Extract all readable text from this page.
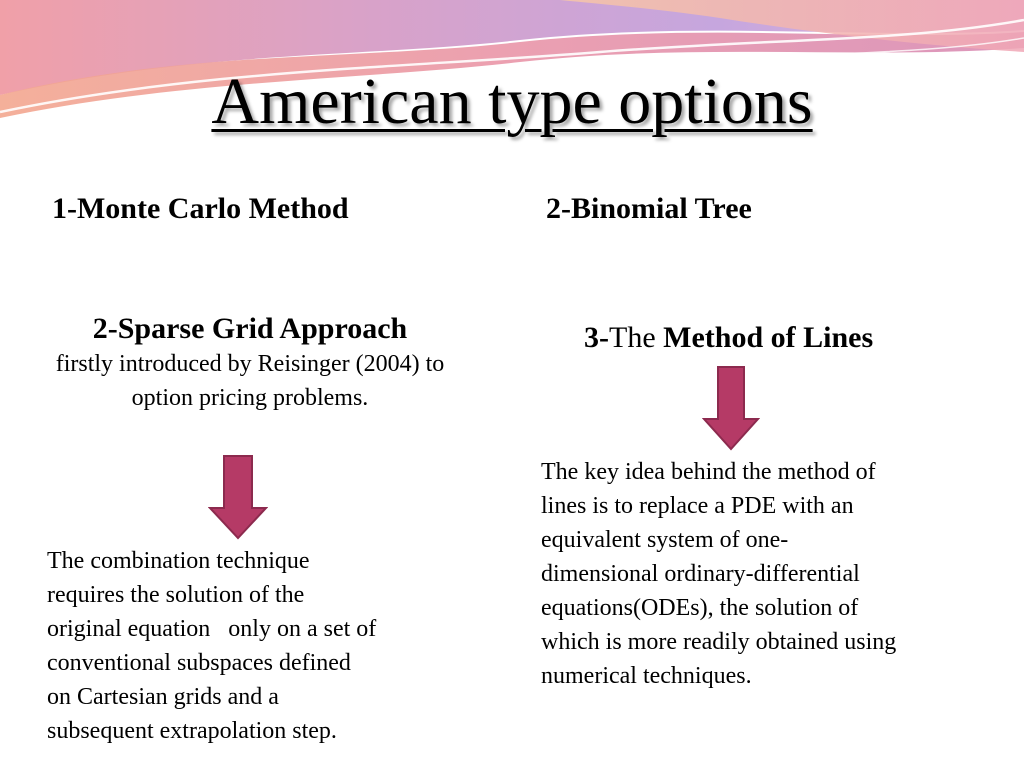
American type options
1-Monte Carlo Method	2-Binomial Tree
2-Sparse Grid Approach
firstly introduced by Reisinger (2004) to option pricing problems.
3-The Method of Lines

The combination technique
requires the solution of the
original equation   only on a set of
conventional subspaces defined
on Cartesian grids and a
subsequent extrapolation step.

The key idea behind the method of
lines is to replace a PDE with an
equivalent system of one-
dimensional ordinary-differential
equations(ODEs), the solution of
which is more readily obtained using
numerical techniques.
